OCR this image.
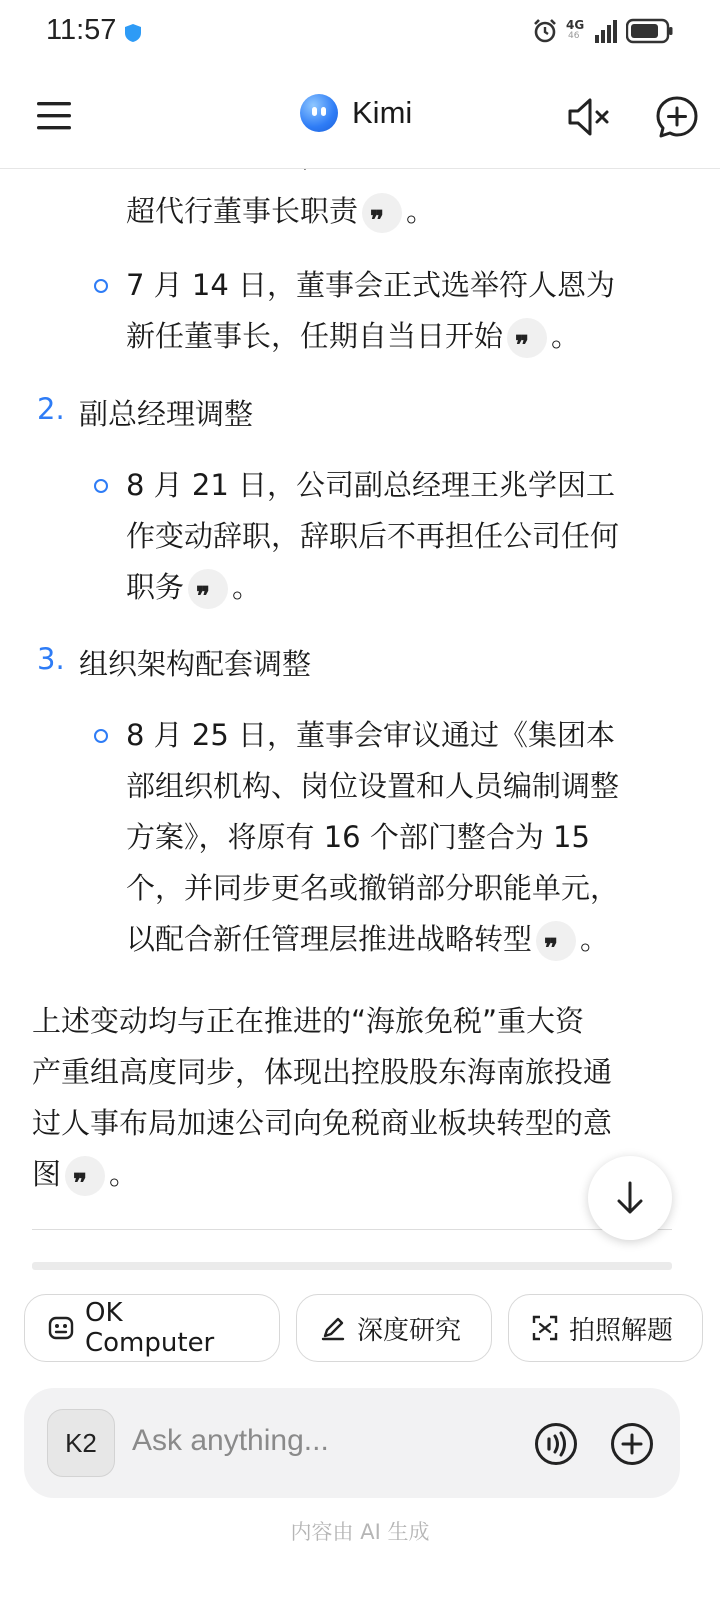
超代行董事长职责 ❞ 。
7 月 14 日，董事会正式选举符人恩为
新任董事长，任期自当日开始 ❞ 。
2. 副总经理调整
8 月 21 日，公司副总经理王兆学因工
作变动辞职，辞职后不再担任公司任何
职务 ❞ 。
3. 组织架构配套调整
8 月 25 日，董事会审议通过《集团本
部组织机构、岗位设置和人员编制调整
方案》，将原有 16 个部门整合为 15
个，并同步更名或撤销部分职能单元，
以配合新任管理层推进战略转型 ❞ 。
上述变动均与正在推进的“海旅免税”重大资
产重组高度同步，体现出控股股东海南旅投通
过人事布局加速公司向免税商业板块转型的意
图 ❞ 。
11:57	4G
46
Kimi
OK Computer	深度研究	拍照解题
K2
Ask anything...
内容由 AI 生成
